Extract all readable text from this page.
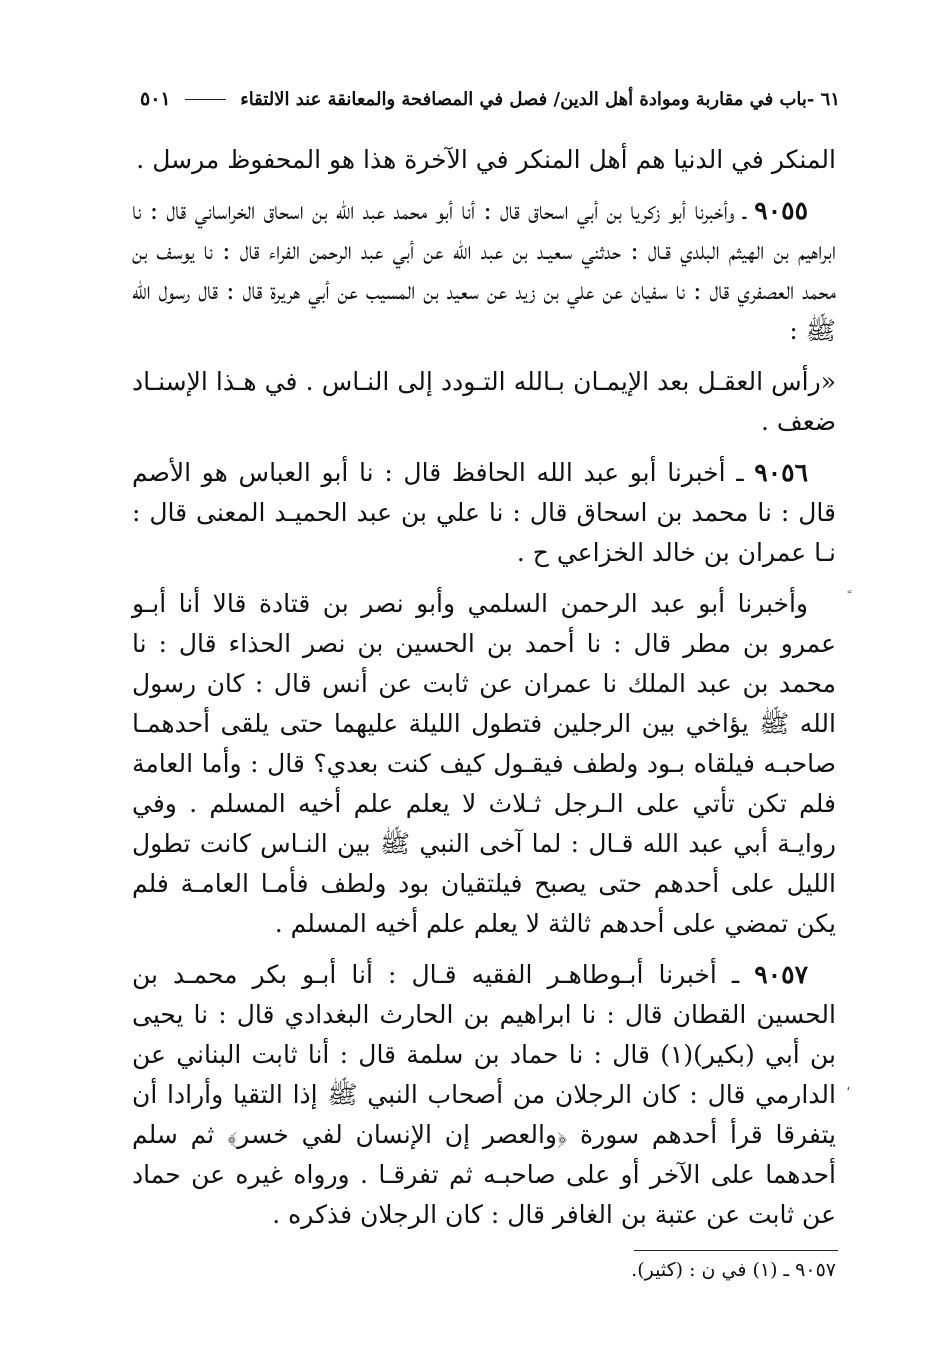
٦١ -باب في مقاربة وموادة أهل الدين/ فصل في المصافحة والمعانقة عند الالتقاء
٥٠١

المنكر في الدنيا هم أهل المنكر في الآخرة هذا هو المحفوظ مرسل .

٩٠٥٥ ـ وأخبرنا أبو زكريا بن أبي اسحاق قال : أنا أبو محمد عبد الله بن اسحاق الخراساني قال : نا ابراهيم بن الهيثم البلدي قـال : حدثني سعيـد بن عبد الله عن أبي عبد الرحمن الفراء قال : نا يوسف بن محمد العصفري قال : نا سفيان عن علي بن زيد عن سعيد بن المسيب عن أبي هريرة قال : قال رسول الله ﷺ :

«رأس العقـل بعد الإيمـان بـالله التـودد إلى النـاس . في هـذا الإسنـاد ضعف .

٩٠٥٦ ـ أخبرنا أبو عبد الله الحافظ قال : نا أبو العباس هو الأصم قال : نا محمد بن اسحاق قال : نا علي بن عبد الحميـد المعنى قال : نـا عمران بن خالد الخزاعي ح .

وأخبرنا أبو عبد الرحمن السلمي وأبو نصر بن قتادة قالا أنا أبـو عمرو بن مطر قال : نا أحمد بن الحسين بن نصر الحذاء قال : نا محمد بن عبد الملك نا عمران عن ثابت عن أنس قال : كان رسول الله ﷺ يؤاخي بين الرجلين فتطول الليلة عليهما حتى يلقى أحدهمـا صاحبـه فيلقاه بـود ولطف فيقـول كيف كنت بعدي؟ قال : وأما العامة فلم تكن تأتي على الـرجل ثـلاث لا يعلم علم أخيه المسلم . وفي روايـة أبي عبد الله قـال : لما آخى النبي ﷺ بين النـاس كانت تطول الليل على أحدهم حتى يصبح فيلتقيان بود ولطف فأمـا العامـة فلم يكن تمضي على أحدهم ثالثة لا يعلم علم أخيه المسلم .

٩٠٥٧ ـ أخبرنا أبـوطاهـر الفقيه قـال : أنا أبـو بكر محمـد بن الحسين القطان قال : نا ابراهيم بن الحارث البغدادي قال : نا يحيى بن أبي (بكير)(١) قال : نا حماد بن سلمة قال : أنا ثابت البناني عن الدارمي قال : كان الرجلان من أصحاب النبي ﷺ إذا التقيا وأرادا أن يتفرقا قرأ أحدهم سورة ﴿والعصر إن الإنسان لفي خسر﴾ ثم سلم أحدهما على الآخر أو على صاحبـه ثم تفرقـا . ورواه غيره عن حماد عن ثابت عن عتبة بن الغافر قال : كان الرجلان فذكره .

٩٠٥٧ ـ (١) في ن : (كثير).
،
